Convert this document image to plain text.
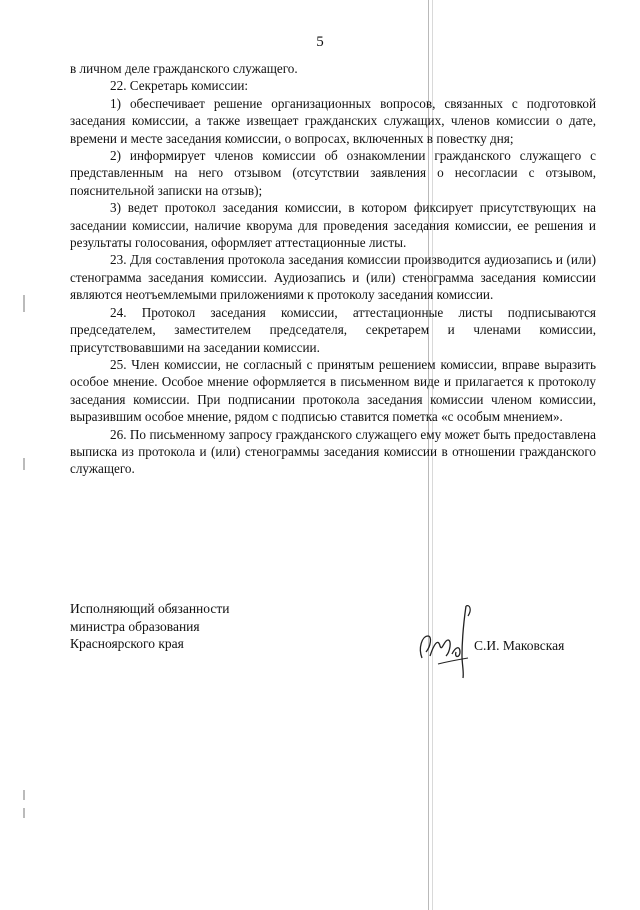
5

в личном деле гражданского служащего.

22. Секретарь комиссии:

1) обеспечивает решение организационных вопросов, связанных с подготовкой заседания комиссии, а также извещает гражданских служащих, членов комиссии о дате, времени и месте заседания комиссии, о вопросах, включенных в повестку дня;

2) информирует членов комиссии об ознакомлении гражданского служащего с представленным на него отзывом (отсутствии заявления о несогласии с отзывом, пояснительной записки на отзыв);

3) ведет протокол заседания комиссии, в котором фиксирует присутствующих на заседании комиссии, наличие кворума для проведения заседания комиссии, ее решения и результаты голосования, оформляет аттестационные листы.

23. Для составления протокола заседания комиссии производится аудиозапись и (или) стенограмма заседания комиссии. Аудиозапись и (или) стенограмма заседания комиссии являются неотъемлемыми приложениями к протоколу заседания комиссии.

24. Протокол заседания комиссии, аттестационные листы подписываются председателем, заместителем председателя, секретарем и членами комиссии, присутствовавшими на заседании комиссии.

25. Член комиссии, не согласный с принятым решением комиссии, вправе выразить особое мнение. Особое мнение оформляется в письменном виде и прилагается к протоколу заседания комиссии. При подписании протокола заседания комиссии членом комиссии, выразившим особое мнение, рядом с подписью ставится пометка «с особым мнением».

26. По письменному запросу гражданского служащего ему может быть предоставлена выписка из протокола и (или) стенограммы заседания комиссии в отношении гражданского служащего.

Исполняющий обязанности
министра образования
Красноярского края	С.И. Маковская
